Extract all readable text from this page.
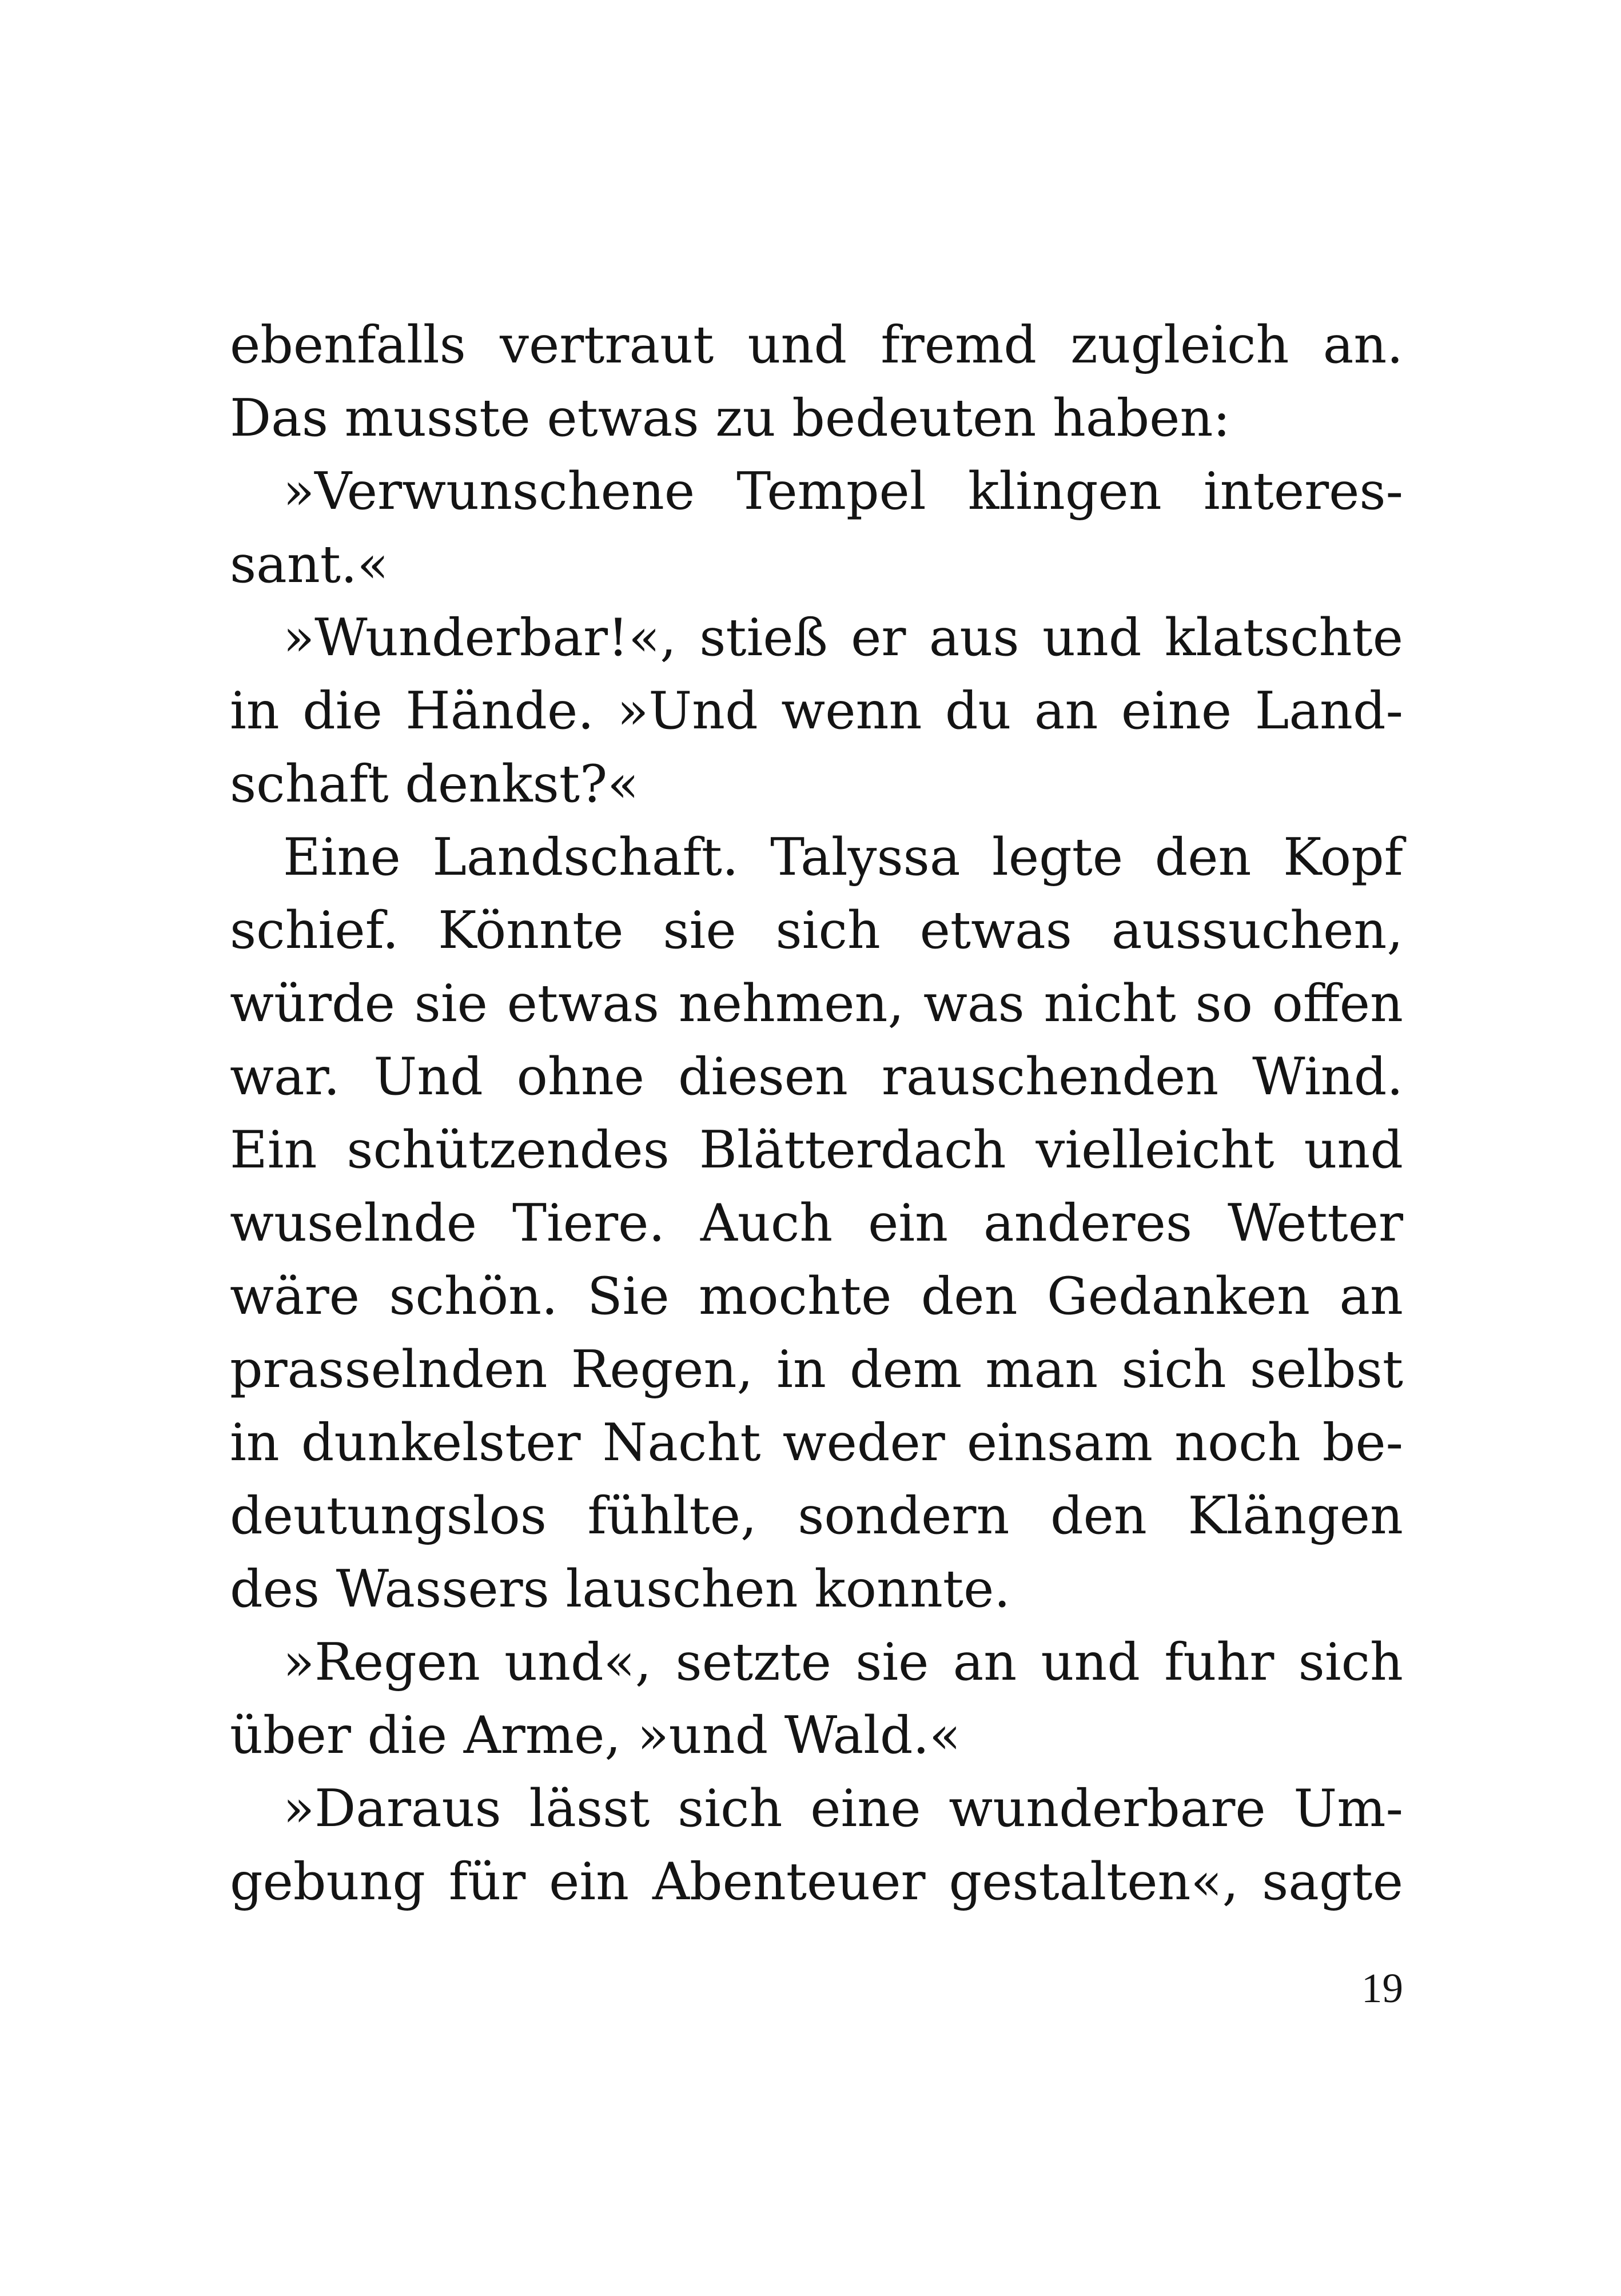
ebenfalls vertraut und fremd zugleich an.
Das musste etwas zu bedeuten haben:
»Verwunschene Tempel klingen interes-
sant.«
»Wunderbar!«, stieß er aus und klatschte
in die Hände. »Und wenn du an eine Land-
schaft denkst?«
Eine Landschaft. Talyssa legte den Kopf
schief. Könnte sie sich etwas aussuchen,
würde sie etwas nehmen, was nicht so offen
war. Und ohne diesen rauschenden Wind.
Ein schützendes Blätterdach vielleicht und
wuselnde Tiere. Auch ein anderes Wetter
wäre schön. Sie mochte den Gedanken an
prasselnden Regen, in dem man sich selbst
in dunkelster Nacht weder einsam noch be-
deutungslos fühlte, sondern den Klängen
des Wassers lauschen konnte.
»Regen und«, setzte sie an und fuhr sich
über die Arme, »und Wald.«
»Daraus lässt sich eine wunderbare Um-
gebung für ein Abenteuer gestalten«, sagte
19
